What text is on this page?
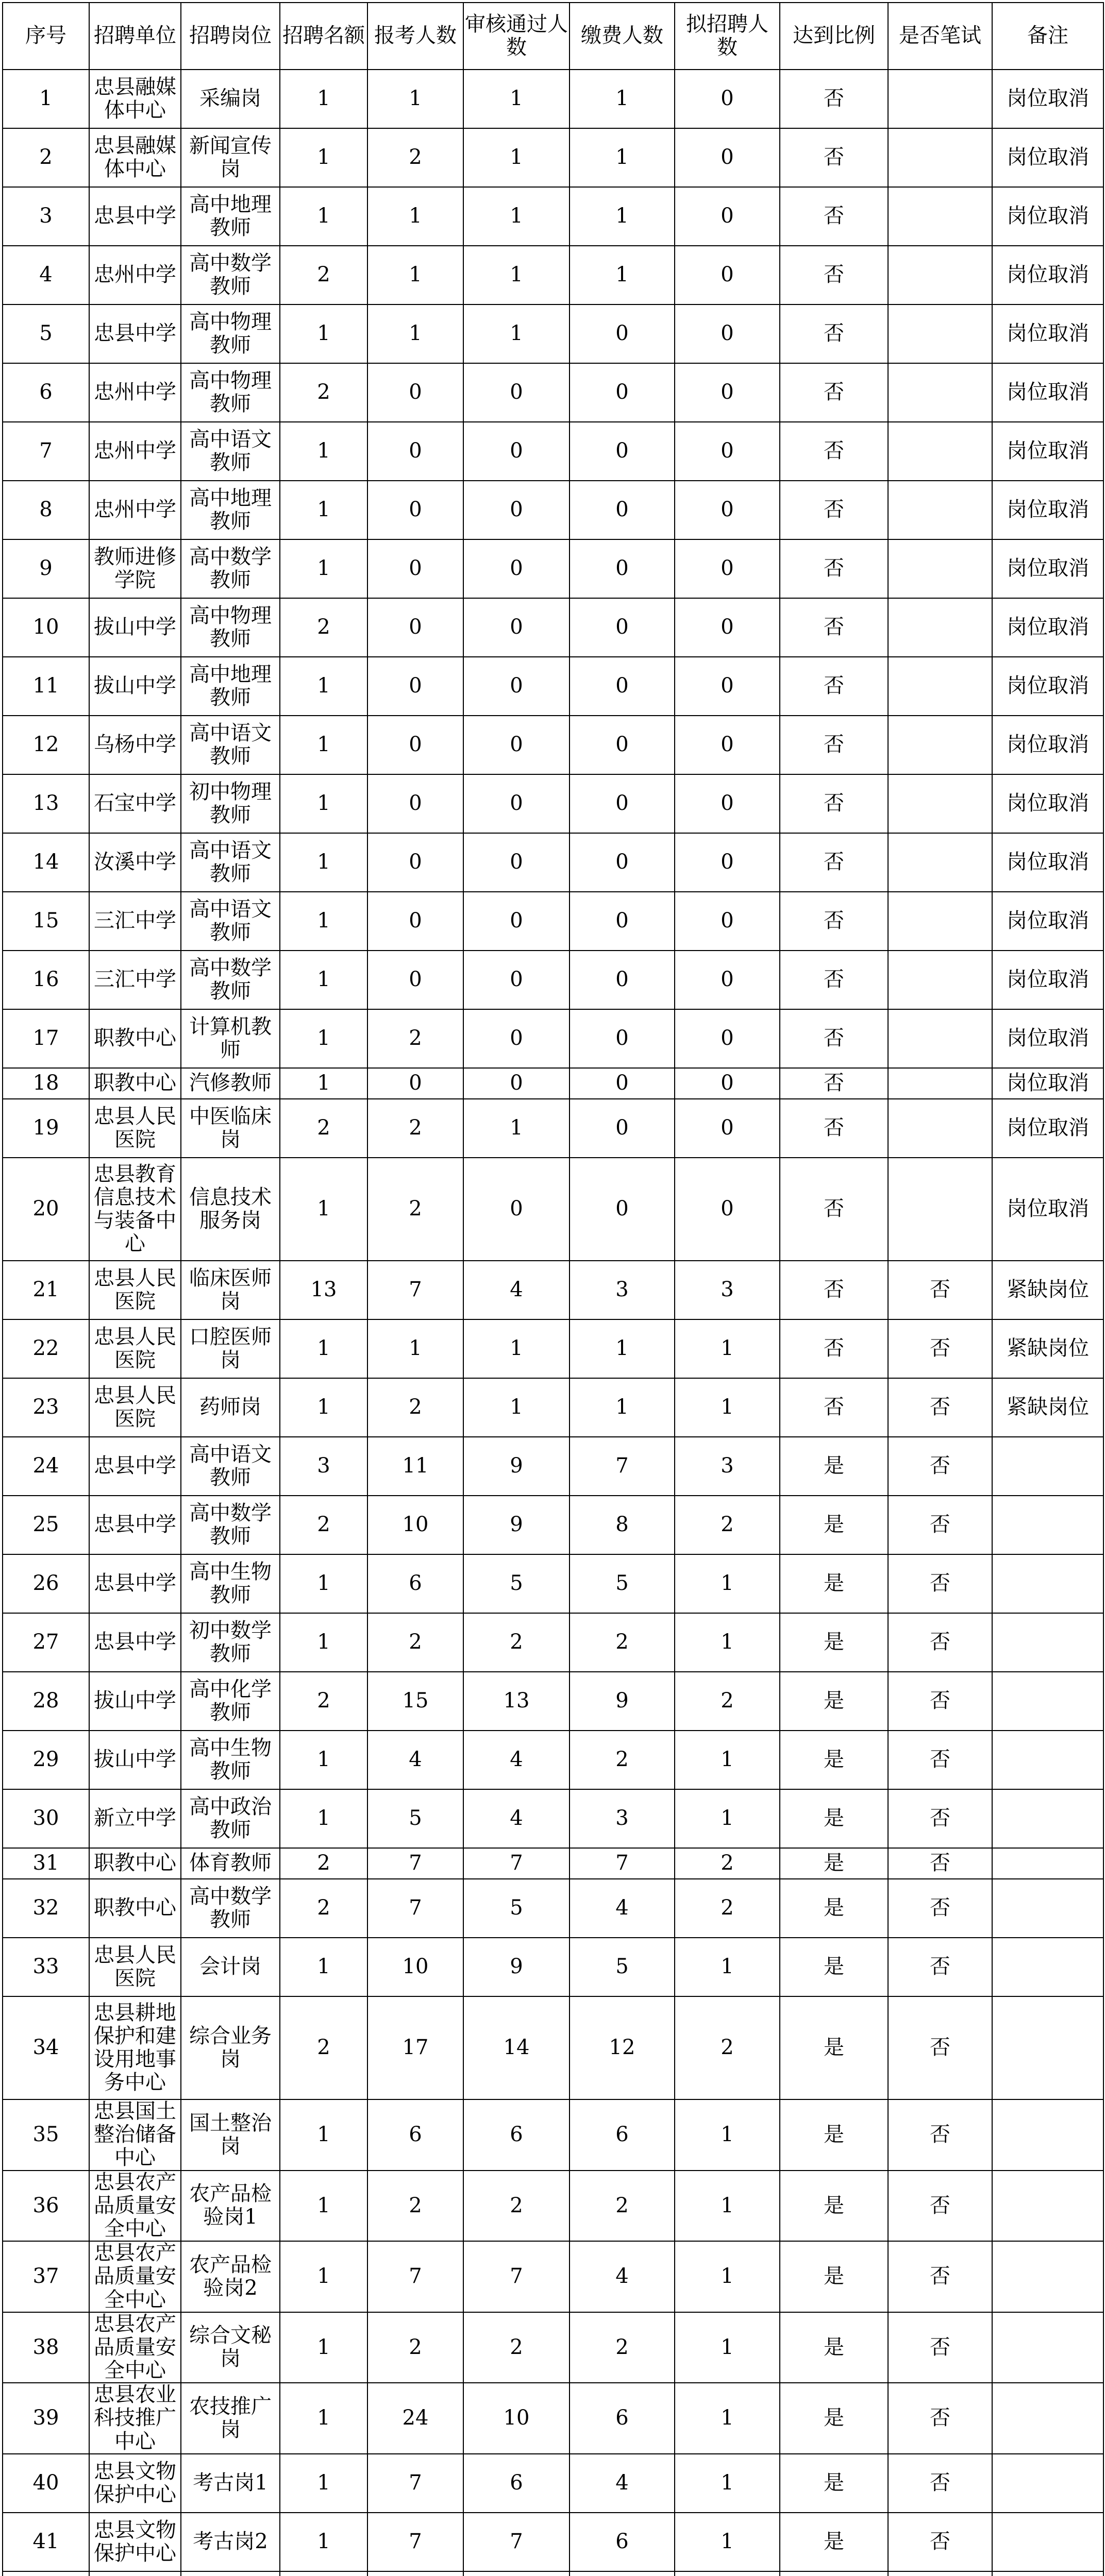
序号	招聘单位	招聘岗位	招聘名额	报考人数	审核通过人数	缴费人数	拟招聘人数	达到比例	是否笔试	备注
1	忠县融媒体中心	采编岗	1	1	1	1	0	否		岗位取消
2	忠县融媒体中心	新闻宣传岗	1	2	1	1	0	否		岗位取消
3	忠县中学	高中地理教师	1	1	1	1	0	否		岗位取消
4	忠州中学	高中数学教师	2	1	1	1	0	否		岗位取消
5	忠县中学	高中物理教师	1	1	1	0	0	否		岗位取消
6	忠州中学	高中物理教师	2	0	0	0	0	否		岗位取消
7	忠州中学	高中语文教师	1	0	0	0	0	否		岗位取消
8	忠州中学	高中地理教师	1	0	0	0	0	否		岗位取消
9	教师进修学院	高中数学教师	1	0	0	0	0	否		岗位取消
10	拔山中学	高中物理教师	2	0	0	0	0	否		岗位取消
11	拔山中学	高中地理教师	1	0	0	0	0	否		岗位取消
12	乌杨中学	高中语文教师	1	0	0	0	0	否		岗位取消
13	石宝中学	初中物理教师	1	0	0	0	0	否		岗位取消
14	汝溪中学	高中语文教师	1	0	0	0	0	否		岗位取消
15	三汇中学	高中语文教师	1	0	0	0	0	否		岗位取消
16	三汇中学	高中数学教师	1	0	0	0	0	否		岗位取消
17	职教中心	计算机教师	1	2	0	0	0	否		岗位取消
18	职教中心	汽修教师	1	0	0	0	0	否		岗位取消
19	忠县人民医院	中医临床岗	2	2	1	0	0	否		岗位取消
20	忠县教育信息技术与装备中心	信息技术服务岗	1	2	0	0	0	否		岗位取消
21	忠县人民医院	临床医师岗	13	7	4	3	3	否	否	紧缺岗位
22	忠县人民医院	口腔医师岗	1	1	1	1	1	否	否	紧缺岗位
23	忠县人民医院	药师岗	1	2	1	1	1	否	否	紧缺岗位
24	忠县中学	高中语文教师	3	11	9	7	3	是	否	
25	忠县中学	高中数学教师	2	10	9	8	2	是	否	
26	忠县中学	高中生物教师	1	6	5	5	1	是	否	
27	忠县中学	初中数学教师	1	2	2	2	1	是	否	
28	拔山中学	高中化学教师	2	15	13	9	2	是	否	
29	拔山中学	高中生物教师	1	4	4	2	1	是	否	
30	新立中学	高中政治教师	1	5	4	3	1	是	否	
31	职教中心	体育教师	2	7	7	7	2	是	否	
32	职教中心	高中数学教师	2	7	5	4	2	是	否	
33	忠县人民医院	会计岗	1	10	9	5	1	是	否	
34	忠县耕地保护和建设用地事务中心	综合业务岗	2	17	14	12	2	是	否	
35	忠县国土整治储备中心	国土整治岗	1	6	6	6	1	是	否	
36	忠县农产品质量安全中心	农产品检验岗1	1	2	2	2	1	是	否	
37	忠县农产品质量安全中心	农产品检验岗2	1	7	7	4	1	是	否	
38	忠县农产品质量安全中心	综合文秘岗	1	2	2	2	1	是	否	
39	忠县农业科技推广中心	农技推广岗	1	24	10	6	1	是	否	
40	忠县文物保护中心	考古岗1	1	7	6	4	1	是	否	
41	忠县文物保护中心	考古岗2	1	7	7	6	1	是	否	
